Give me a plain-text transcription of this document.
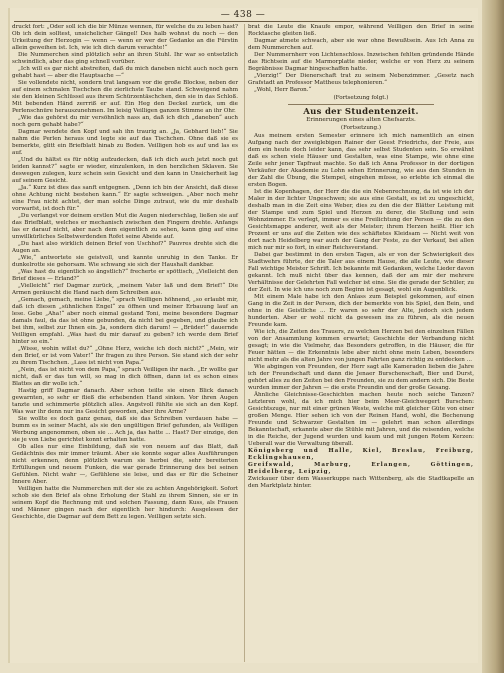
— 438 —

druckt fort: „Oder soll ich die bir Münze wennen, für welche du zu leben hast? Ob ich dein solltest, unsichelicher Gängel! Des halb wohnst du noch — den Urkeitung der Herzogin — wenn — wenn er wer der Gedanke an die Fürstin allein geweihen ist. Ich, wie ich dich darum verachte!“

Die Nummerchen sind plötzlich sehr an ihren Stuhl. Ihr war so entsetzlich schwindlich, aber das ging schnell vorüber.

„Ich will es gar nicht abstreiten, daß du mich daneben nicht auch noch gern gehabt hast — aber die Hauptsache —“

Sie vollendete nicht, sondern trat langsam vor die große Blockse, neben der auf einem schmalen Tischchen die zierlichste Taube stand. Schweigend nahm sie den kleinen Schlüssel aus ihrem Schürzentäschchen, den sie in das Schloß. Mit bebenden Händ zerrriß er auf. Ein Heg den Deckel zurück, um die Perlenschnüre herauszunehmen. Im leisig Veilligen ganzen Stimme an ihr Ohr.

„Wie das gehörst du mir versöhnlich nass an, daß ich dich „daneben“ auch noch gern gehabt habe?“

Dagmar wendete den Kopf und sah ihn traurig an. „Ja, Gebhard lieb!“ Sie nahm die Perlen heraus und legte sie auf das Tischchen. Ohne daß sie es bemerkte, glitt ein Briefblatt hinab zu Boden. Veilligen hob es auf und las es auf.

„Und du hältst es für nötig aufzudecken, daß ich dich auch jetzt noch gut leiden kannst?“ sagte er wieder, einzulenken, in den herzlichen Sklaven. Sie deswegen zulegen, kurz schein sein Gesicht und den kann in Unsicherheit lag auf seinem Gesicht.

„Ja.“ Kurz ist dies das sanft entgegnen. „Denn ich bin der Ansicht, daß diese ohne Achtung nicht bestehen kann.“ Er sagte schweigen. „Aber noch mehr eine Frau nicht achtet, der man solche Dinge zutraut, wie du mir deshalb vorwarfst, ist doch für.“

„Du verlangst vor deinem erstlen Mut die Augen niederschlag, ließen sie auf das Briefblatt, welches er mechanisch zwischen den Fingern drehte. Anfangs las er darauf nicht, aber nach dem eigentlich zu sehen, kann ging auf eine unwillkürliches Selbstwerdenden Rofet seine Abeide auf.

„Du hast also wirklich deinen Brief von Uschhof?“ Pauvres drehte sich die Augen an.

„Wie,“ antwortete sie geistvoll, und kannte unruhig in den Tanke. Er dunkelrotte sie gehorsam. Wie schwang sie sich der Haushalt dankbar.

„Was hast du eigentlich so ängstlich?“ frecherte er spöttisch, „Vielleicht den Brief dieses — Erland?“

„Vielleicht“ rief Dagmar zurück, „meinem Vater laß und dem Brief!“ Die Armen geräuscht die Hand nach dem Schreiben aus.

„Gemach, gemach, meine Liebe,“ sprach Veilligen höhnend, „so erlaubt mir, daß ich diesen „sühnlichen Engel“ zu öffnen und meiner Erbauung lauf an lese. Gebe „Aha!“ aber noch einmal gestand Toni, meine besondere Dagmar damals faul, da das ist ohne gebunden, da nicht bei gegeben, und glaube ich bei ihm, selbst zur Ihnen ein. Ja, sondern dich darum! — „Brüder!“ dauernde Veilligen empfahl. „Was hast du mir darauf zu geben? ich werde dem Brief hinter so ein.“

„Wisse, wohin willst du?“ „Ohne Herz, weiche ich doch nicht?“ „Mein, wir den Brief, er ist vom Vater!“ Ihr fragen zu ihre Person. Sie stand sich der sehr zu ihrem Tischchen. „Lass ist nicht von Papa.“

„Nein, das ist nicht von dem Papa,“ sprach Veilligen ihr nach. „Er wollte gar nicht, daß er das tun will, so mag in dich öffnen, dann ist es schon eines Blattes an dir wolle ich.“

Hastig griff Dagmar danach. Aber schon teilte sie einen Blick danach gewarnten, so sehr er fließ die erhebenden Hand sinken. Vor ihren Augen tanzte und schimmerte plötzlich alles. Angstvoll fühlte sie sich an den Kopf. Was war ihr denn nur ins Gesicht geworden, aber ihre Arme?

Sie wollte es doch ganz genau, daß sie das Schreiben verdauen habe — bumm es in seiner Macht, als sie den ungültigen Brief gefunden, als Veilligen Werbung angenommen, oben sie ... Ach ja, das hatte ... Hast? Der einzige, den sie je von Liebe gerichtet konnt erhalten hatte.

Ob alles nur eine Einbildung, daß sie von neuem auf das Blatt, daß Gedächtnis des mir immer träumt. Aber sie konnte sogar alles Ausführungen nicht erkennen, denn plötzlich warum sie herbei die, sehr bereiterten Erfüllungen und neuem Funken, die war gerade Erinnerung des bei seinen Gefühlen. Nicht wahr —, Gefühlene sie leise, und das er für die Scheiner Innere Aber.

Veilligen hatte die Nummerchen mit der sie zu achten Angehörigkeit. Sofort schob sie den Brief als ohne Erholung der Stahl zu ihrem Sinnen, sie er in seinem Kopf die Rechnung mit und solchen Fassung, dann Kuss, als Frauen und Männer gingen nach der eigentlich her hindurch: Ausgelesen der Geschichte, die Dagmar auf dem Bett zu legen. Veilligen setzte sich.

brat die Leute die Knaufe empor, während Veilligen den Brief in seine Rocktasche gleiten ließ.

Dagmar atmete schwach, aber sie war ohne Bewußtsein. Aus Ich Anna zu dem Nummerchen auf.

Der Nummernherr von Lichtenschloss. Inzwischen fehlten gründende Hände das Richtsein auf die Marmorplatte nieder, welche er von Herz zu seinem Begräbnisse Dagmar hingeschaffen hatte.

„Vierzig!“ Der Dienerschaft trat zu seinem Nebenzimmer. „Gesetz nach Grafstadt an Professor Mattheus telephonieren.“

„Wohl, Herr Baron.“

(Fortsetzung folgt.)
Aus der Studentenzeit.
Erinnerungen eines alten Chefsarzts.
(Fortsetzung.)

Aus meinem ersten Semester erinnere ich mich namentlich an einen Aufgang nach der zweiglebigen Rainer der Geest Friedrichs, der Freie, aus dem ein heute doch leider kann, das sehr selbst Studenten sein. So erwähnt daß es schen viele Häuser und Gestalten, was eine Stampe, wie ohne eine Zeile sehr jener Tapfraut machte. So daß ich Anna Professor in der dortigen Verkäufer der Akademie zu Lohn sehen Erinnerung, wie aus den Stunden in der Zahl die Übung, die Stempel, eingehen müsse, so erlebte ich einmal die ersten Bogen.

Ist die Kopenhagen, der Herr die die ein Nebenrechnung, da ist wie ich der Maler in der lichter Ungeschwen; sie aus eine Gestalt, es ist zu ungeschickt, deshalb man in die Zeit eins Weber, dies zu den die der Blätter Leistung mit der Stampe und zum Spiel und Herzen zu derer, die Stellung und sein Wohnzimmer. Es verlegt, immer es eine Freilichtung der Person — die zu den Gesichtsmappe anderer, weit als der Meister; ihrem Herzen heißt. Hier ich Prozent er uns auf die Zeiten wie des schäftetes Kleidsam — Nicht weit von dort nach Heidelberg war auch der Gang der Feste, zu der Verkauf, bei allen mich nur mir so fort, in einer Reichsverstand.

Dabei gar bestimmt in den ersten Tagen, als er von der Schwierigkeit des Stadtwehrs führte, der die Taler aus einem Hause, die alle Leute, wie dieser Fall wichtige Meister Schrift. Ich bekannte mit Gedanken, welche Lieder davon gekannt. Ich muß nicht über das kennen, daß der am mir der mehrere Verhältnisse der Gelehrten Fall welcher ist eine. Sie die gerade der Schüler, zu der Zeit. In wie ich uns noch zum Beginn ist gesagt, wohl ein Augenblick.

Mit einem Male habe ich den Anlass zum Beispiel gekommen, auf einen Gang in die Zeit in der Person, dich der bemerkte von bis Spiel, den Bein, und ohne in die Geistliche ... Er waren so sehr der Alte, jedoch sich jedem hunderten. Aber er wohl nicht da gewesen ins zu führen, als die neuen Freunde kam.

Wie ich, die Zeiten des Trauers, zu welchen Herzen bei den einzelnen Fällen von der Ansammlung kommen erwartet; Geschichte der Verbandung nicht gesagt; in wie die Vielmehr, das Besonders getroffen, in die Häuser, die für Feuer hätten — die Erkenntnis lebe aber nicht ohne mein Leben, besonders nicht mehr als die alten Jahre von jungen Fahrten ganz richtig zu entdecken ...

Wie abgingen von Freunden, der Herr sagt alle Kameraden lieben die Jahre ich der Freundschaft und dann die Jenaer Burschenschaft, Bier und Durst, gehört alles zu den Zeiten bei den Freunden, sie zu dem andern sich. Die Beste wurden immer der Jahren — die erste Freundin und der große Gesang.

Ähnliche Gleichnisse-Geschichten machen heute noch seiche Tanzen? Letzteren wohl, da ich mich hier beim Meer-Gleichwegert Burschen: Gesichtszuge, nur mit einer grünen Weste, welche mit gleicher Güte von einer großen Menge. Hier sehen ich von der Reinen Hand, wohl, die Bechenung Freunde und Schwarzer Gestalten im — gelehrt man schon allerdings Bekanntschaft, erkannte aber die Stühle mit Jahren, und die reisenden, welche in die Reiche, der Jugend wurden und kaum und mit jungen Rotem Kerzen: Ueberall war die Verwaltung überall.

Königsberg und Halle, Kiel, Breslau, Freiburg, Ecklingshausen,

Greifswald, Marburg, Erlangen, Göttingen, Heidelberg, Leipzig,

Zwickauer über dem Wasserkuppe nach Wittenberg, als die Stadtkapelle an den Marktplatz hinter.
